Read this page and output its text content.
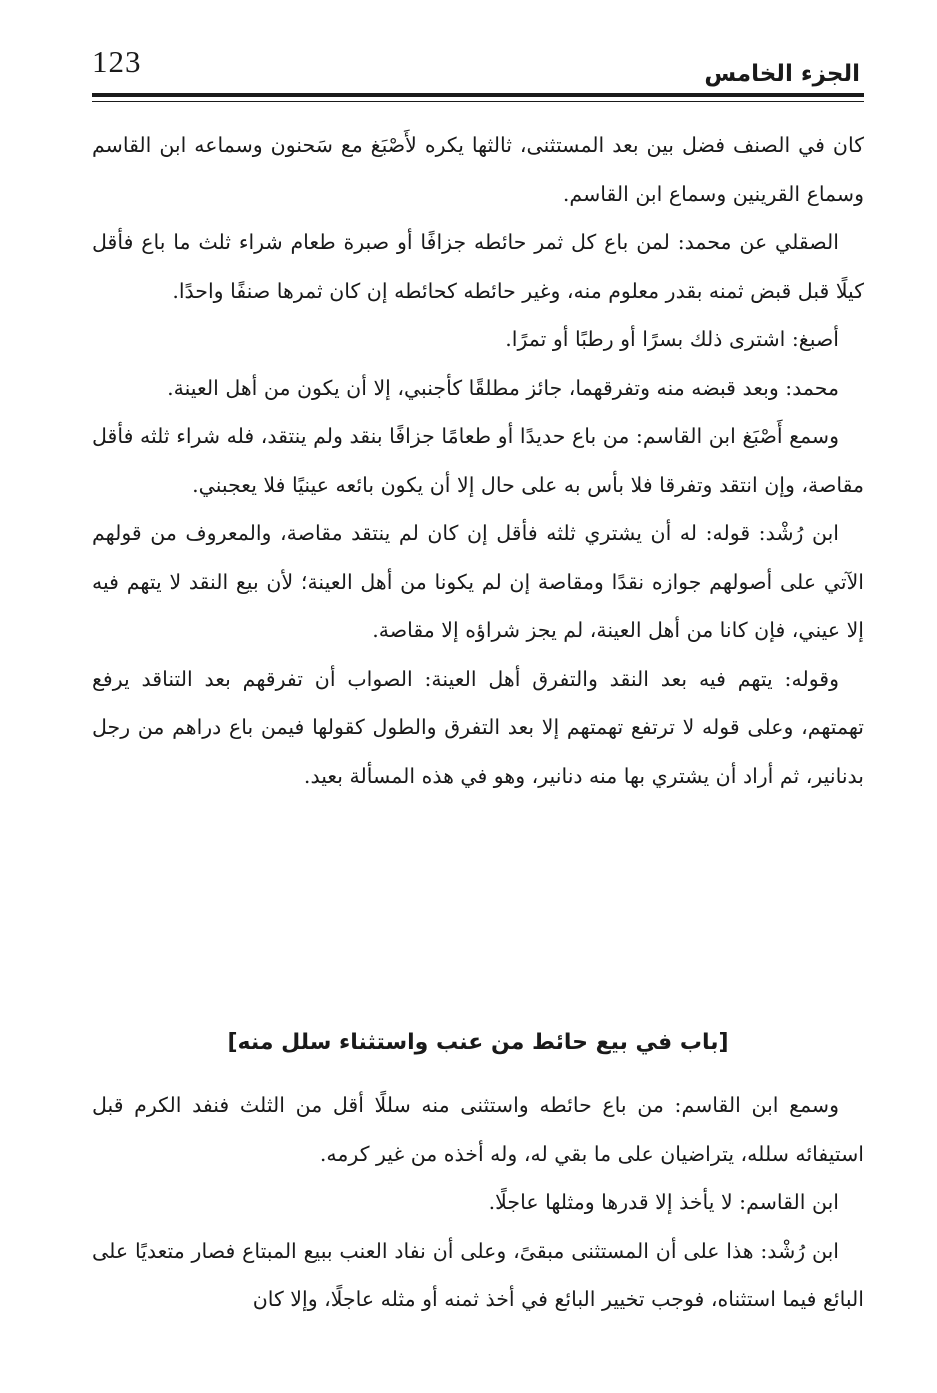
123	الجزء الخامس

كان في الصنف فضل بين بعد المستثنى، ثالثها يكره لأَصْبَغ مع سَحنون وسماعه ابن القاسم وسماع القرينين وسماع ابن القاسم.

الصقلي عن محمد: لمن باع كل ثمر حائطه جزافًا أو صبرة طعام شراء ثلث ما باع فأقل كيلًا قبل قبض ثمنه بقدر معلوم منه، وغير حائطه كحائطه إن كان ثمرها صنفًا واحدًا.

أصبغ: اشترى ذلك بسرًا أو رطبًا أو تمرًا.

محمد: وبعد قبضه منه وتفرقهما، جائز مطلقًا كأجنبي، إلا أن يكون من أهل العينة.

وسمع أَصْبَغ ابن القاسم: من باع حديدًا أو طعامًا جزافًا بنقد ولم ينتقد، فله شراء ثلثه فأقل مقاصة، وإن انتقد وتفرقا فلا بأس به على حال إلا أن يكون بائعه عينيًا فلا يعجبني.

ابن رُشْد: قوله: له أن يشتري ثلثه فأقل إن كان لم ينتقد مقاصة، والمعروف من قولهم الآتي على أصولهم جوازه نقدًا ومقاصة إن لم يكونا من أهل العينة؛ لأن بيع النقد لا يتهم فيه إلا عيني، فإن كانا من أهل العينة، لم يجز شراؤه إلا مقاصة.

وقوله: يتهم فيه بعد النقد والتفرق أهل العينة: الصواب أن تفرقهم بعد التناقد يرفع تهمتهم، وعلى قوله لا ترتفع تهمتهم إلا بعد التفرق والطول كقولها فيمن باع دراهم من رجل بدنانير، ثم أراد أن يشتري بها منه دنانير، وهو في هذه المسألة بعيد.

[باب في بيع حائط من عنب واستثناء سلل منه]

وسمع ابن القاسم: من باع حائطه واستثنى منه سللًا أقل من الثلث فنفد الكرم قبل استيفائه سلله، يتراضيان على ما بقي له، وله أخذه من غير كرمه.

ابن القاسم: لا يأخذ إلا قدرها ومثلها عاجلًا.

ابن رُشْد: هذا على أن المستثنى مبقىً، وعلى أن نفاد العنب ببيع المبتاع فصار متعديًا على البائع فيما استثناه، فوجب تخيير البائع في أخذ ثمنه أو مثله عاجلًا، وإلا كان
